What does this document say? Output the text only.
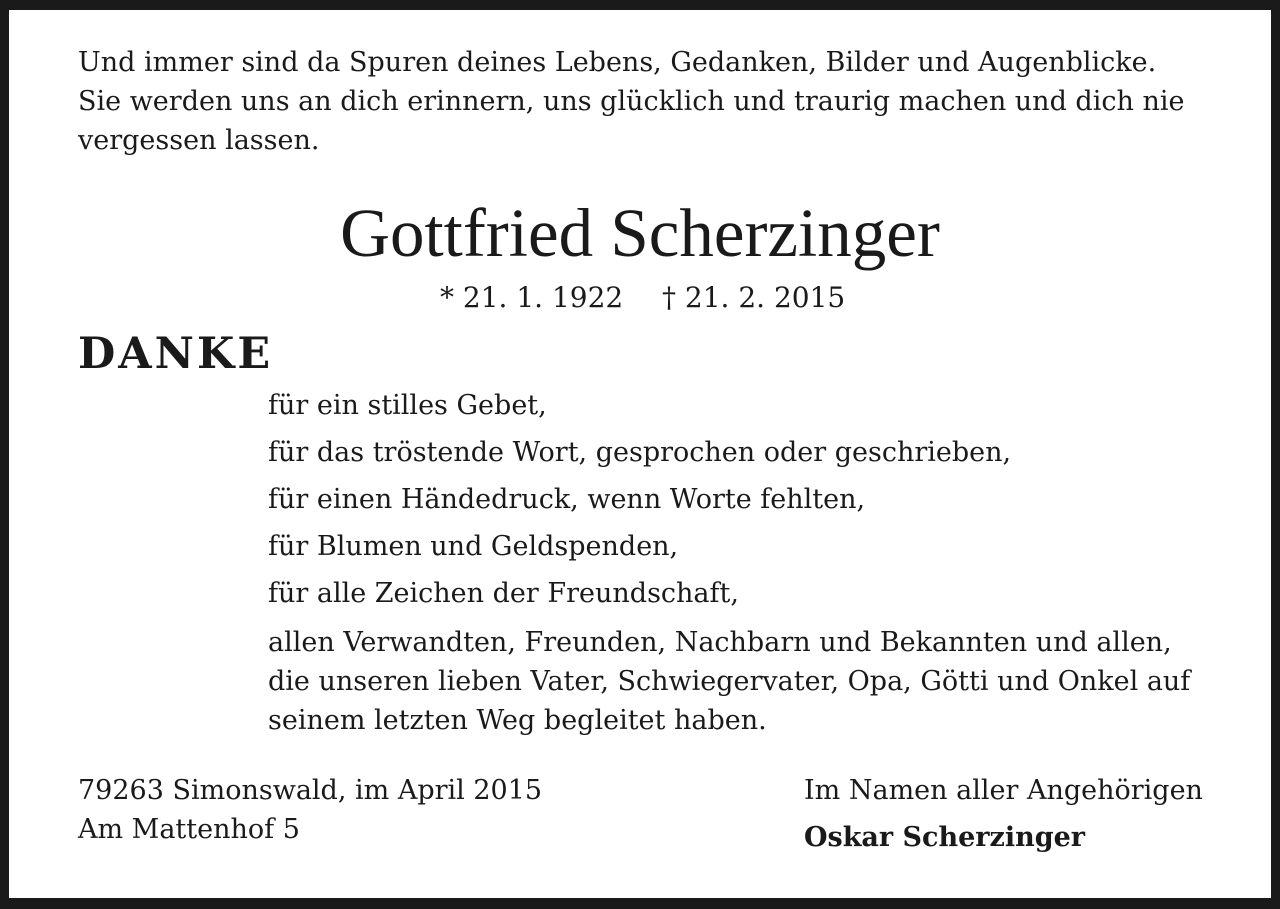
Und immer sind da Spuren deines Lebens, Gedanken, Bilder und Augenblicke.
Sie werden uns an dich erinnern, uns glücklich und traurig machen und dich nie
vergessen lassen.
Gottfried Scherzinger
* 21. 1. 1922 † 21. 2. 2015
DANKE
für ein stilles Gebet,
für das tröstende Wort, gesprochen oder geschrieben,
für einen Händedruck, wenn Worte fehlten,
für Blumen und Geldspenden,
für alle Zeichen der Freundschaft,
allen Verwandten, Freunden, Nachbarn und Bekannten und allen,
die unseren lieben Vater, Schwiegervater, Opa, Götti und Onkel auf
seinem letzten Weg begleitet haben.
79263 Simonswald, im April 2015
Am Mattenhof 5
Im Namen aller Angehörigen
Oskar Scherzinger
